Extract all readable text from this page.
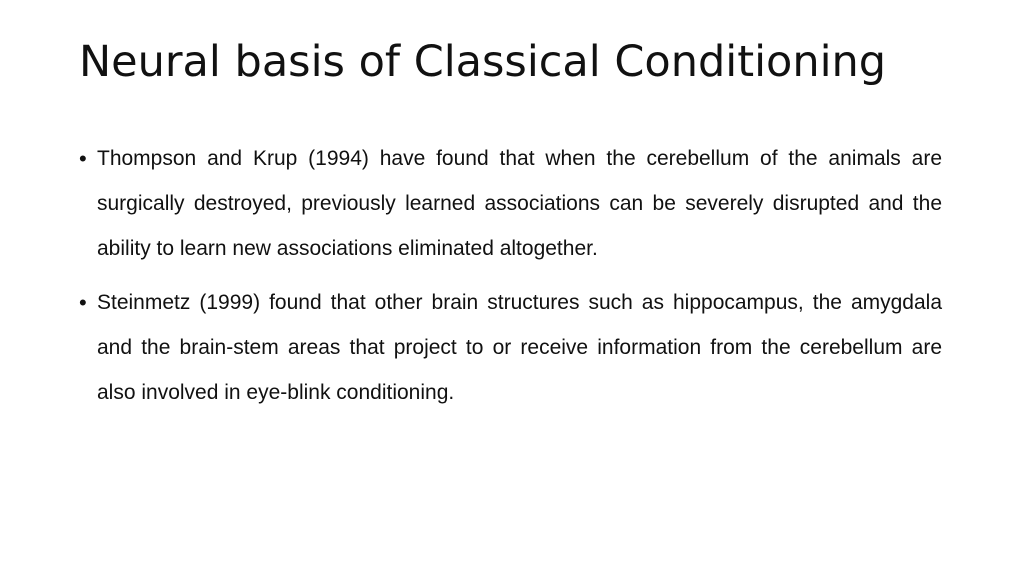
Neural basis of Classical Conditioning
• Thompson and Krup (1994) have found that when the cerebellum of the animals are surgically destroyed, previously learned associations can be severely disrupted and the ability to learn new associations eliminated altogether.
• Steinmetz (1999) found that other brain structures such as hippocampus, the amygdala and the brain-stem areas that project to or receive information from the cerebellum are also involved in eye-blink conditioning.
